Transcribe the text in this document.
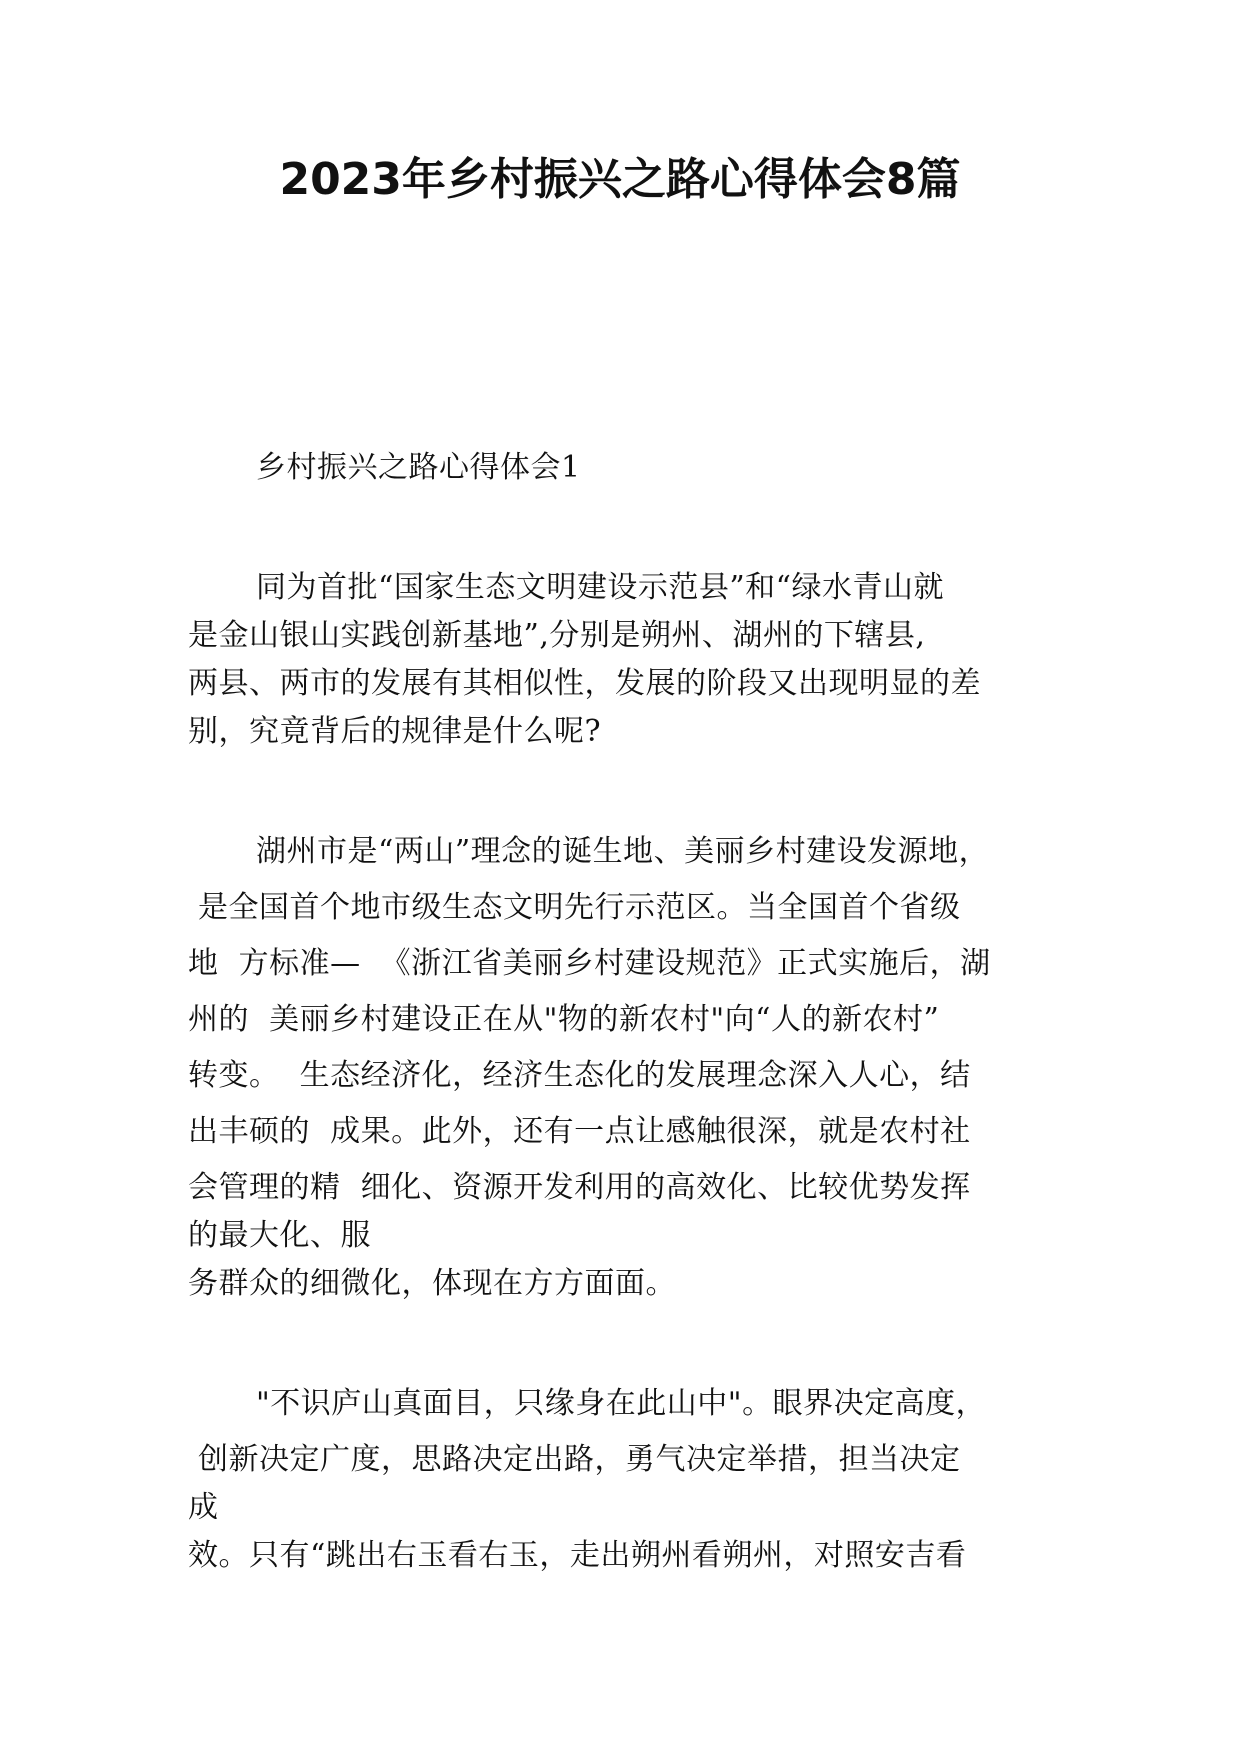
2023年乡村振兴之路心得体会8篇
乡村振兴之路心得体会1
同为首批“国家生态文明建设示范县”和“绿水青山就
是金山银山实践创新基地”,分别是朔州、湖州的下辖县,
两县、两市的发展有其相似性，发展的阶段又出现明显的差
别，究竟背后的规律是什么呢?
湖州市是“两山”理念的诞生地、美丽乡村建设发源地，
是全国首个地市级生态文明先行示范区。当全国首个省级
地  方标准—  《浙江省美丽乡村建设规范》正式实施后，湖
州的  美丽乡村建设正在从"物的新农村"向“人的新农村”
转变。  生态经济化，经济生态化的发展理念深入人心，结
出丰硕的  成果。此外，还有一点让感触很深，就是农村社
会管理的精  细化、资源开发利用的高效化、比较优势发挥
的最大化、服
务群众的细微化，体现在方方面面。
"不识庐山真面目，只缘身在此山中"。眼界决定高度，
创新决定广度，思路决定出路，勇气决定举措，担当决定
成
效。只有“跳出右玉看右玉，走出朔州看朔州，对照安吉看
